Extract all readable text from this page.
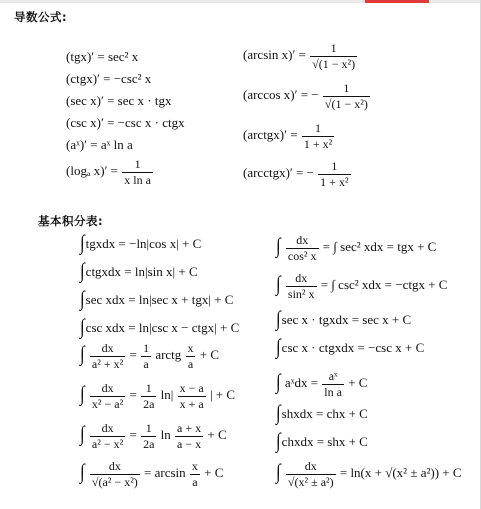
导数公式:
(tgx)′ = sec² x
(ctgx)′ = −csc² x
(sec x)′ = sec x · tgx
(csc x)′ = −csc x · ctgx
(aˣ)′ = aˣ ln a
(logₐ $x)' = \frac{1}{\text{x ln a}}$
(arcsin $x)' = \frac{1}{\text{√(1 − x²)}}$
(arccos x)′ = − $\frac{1}{\text{√(1 − x²)}}$
(arctgx)′ = $\frac{1}{\text{1 + x²}}$
(arcctgx)′ = − $\frac{1}{\text{1 + x²}}$
基本积分表:
∫tgxdx = −ln|cos x| + C
∫ctgxdx = ln|sin x| + C
∫sec xdx = ln|sec x + tgx| + C
∫csc xdx = ln|csc x − ctgx| + C
∫ $\frac{dx}{\text{a² + x²}} = \frac{1}{a}$ arctg $\frac{x}{a} + C$
∫ $\frac{dx}{\text{x² − a²}} = \frac{1}{2a} \ln| \frac{x - a}{x + a}$ | + C
∫ $\frac{dx}{\text{a² − x²}} = \frac{1}{2a}$ $\ln \frac{a + x}{a - x} + C$
∫ $\frac{dx}{\text{√(a² − x²)}} = \arcsin \frac{x}{a} + C$
∫ $\frac{dx}{\text{cos² x}}$ = ∫ sec² xdx = tgx + C
∫ $\frac{dx}{\text{sin² x}}$ = ∫ csc² xdx = −ctgx + C
∫sec x · tgxdx = sec x + C
∫csc x · ctgxdx = −csc x + C
∫ aˣdx = $\frac{\text{aˣ}}{\text{ln a}} + C$
∫shxdx = chx + C
∫chxdx = shx + C
∫ $\frac{dx}{\text{√(x² ± a²)}} = \ln(x + √(x^2 \pm a^2)) + C$
